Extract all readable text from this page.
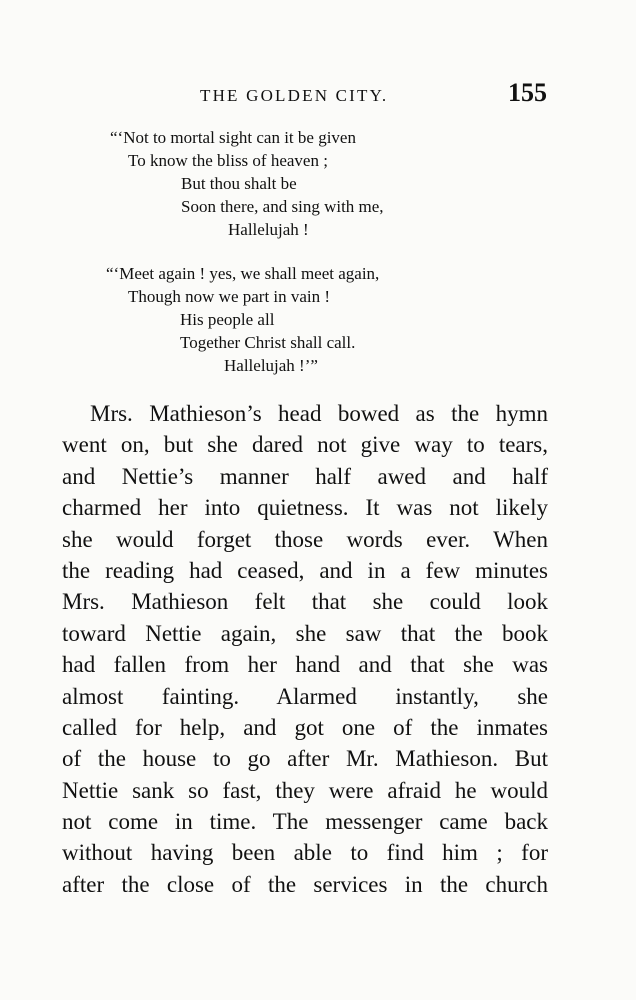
THE GOLDEN CITY.	155
“‘Not to mortal sight can it be given
To know the bliss of heaven ;
But thou shalt be
Soon there, and sing with me,
Hallelujah !
“‘Meet again ! yes, we shall meet again,
Though now we part in vain !
His people all
Together Christ shall call.
Hallelujah !’”
Mrs. Mathieson’s head bowed as the hymn
went on, but she dared not give way to tears,
and Nettie’s manner half awed and half
charmed her into quietness. It was not likely
she would forget those words ever. When
the reading had ceased, and in a few minutes
Mrs. Mathieson felt that she could look
toward Nettie again, she saw that the book
had fallen from her hand and that she was
almost fainting. Alarmed instantly, she
called for help, and got one of the inmates
of the house to go after Mr. Mathieson. But
Nettie sank so fast, they were afraid he would
not come in time. The messenger came back
without having been able to find him ; for
after the close of the services in the church
